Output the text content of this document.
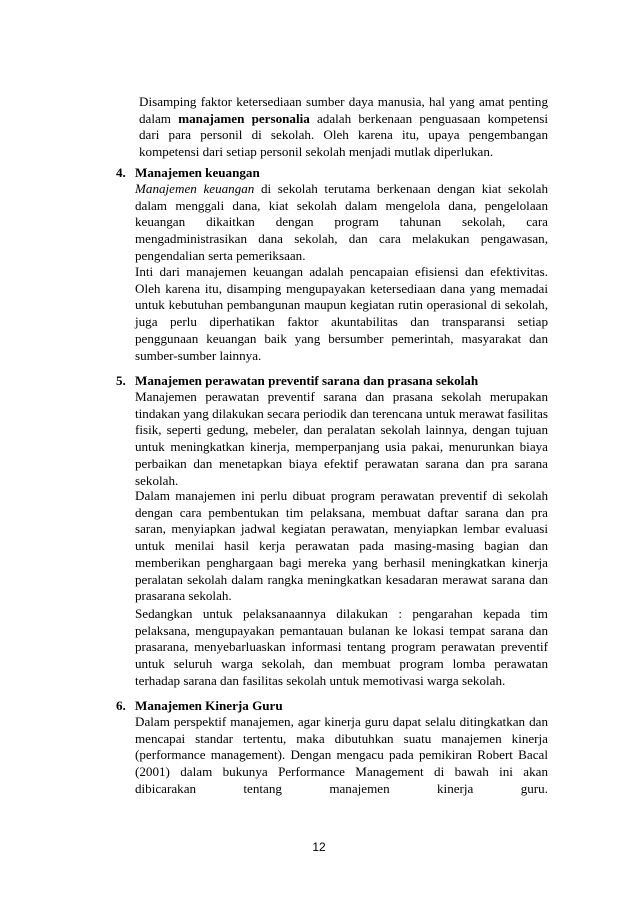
Disamping faktor ketersediaan sumber daya manusia, hal yang amat penting dalam manajamen personalia adalah berkenaan penguasaan kompetensi dari para personil di sekolah. Oleh karena itu, upaya pengembangan kompetensi dari setiap personil sekolah menjadi mutlak diperlukan.

4. Manajemen keuangan

Manajemen keuangan di sekolah terutama berkenaan dengan kiat sekolah dalam menggali dana, kiat sekolah dalam mengelola dana, pengelolaan keuangan dikaitkan dengan program tahunan sekolah, cara mengadministrasikan dana sekolah, dan cara melakukan pengawasan, pengendalian serta pemeriksaan.

Inti dari manajemen keuangan adalah pencapaian efisiensi dan efektivitas. Oleh karena itu, disamping mengupayakan ketersediaan dana yang memadai untuk kebutuhan pembangunan maupun kegiatan rutin operasional di sekolah, juga perlu diperhatikan faktor akuntabilitas dan transparansi setiap penggunaan keuangan baik yang bersumber pemerintah, masyarakat dan sumber-sumber lainnya.

5. Manajemen perawatan preventif sarana dan prasana sekolah

Manajemen perawatan preventif sarana dan prasana sekolah merupakan tindakan yang dilakukan secara periodik dan terencana untuk merawat fasilitas fisik, seperti gedung, mebeler, dan peralatan sekolah lainnya, dengan tujuan untuk meningkatkan kinerja, memperpanjang usia pakai, menurunkan biaya perbaikan dan menetapkan biaya efektif perawatan sarana dan pra sarana sekolah.

Dalam manajemen ini perlu dibuat program perawatan preventif di sekolah dengan cara pembentukan tim pelaksana, membuat daftar sarana dan pra saran, menyiapkan jadwal kegiatan perawatan, menyiapkan lembar evaluasi untuk menilai hasil kerja perawatan pada masing-masing bagian dan memberikan penghargaan bagi mereka yang berhasil meningkatkan kinerja peralatan sekolah dalam rangka meningkatkan kesadaran merawat sarana dan prasarana sekolah.

Sedangkan untuk pelaksanaannya dilakukan : pengarahan kepada tim pelaksana, mengupayakan pemantauan bulanan ke lokasi tempat sarana dan prasarana, menyebarluaskan informasi tentang program perawatan preventif untuk seluruh warga sekolah, dan membuat program lomba perawatan terhadap sarana dan fasilitas sekolah untuk memotivasi warga sekolah.

6. Manajemen Kinerja Guru

Dalam perspektif manajemen, agar kinerja guru dapat selalu ditingkatkan dan mencapai standar tertentu, maka dibutuhkan suatu manajemen kinerja (performance management). Dengan mengacu pada pemikiran Robert Bacal (2001) dalam bukunya Performance Management di bawah ini akan dibicarakan tentang manajemen kinerja guru.

12
